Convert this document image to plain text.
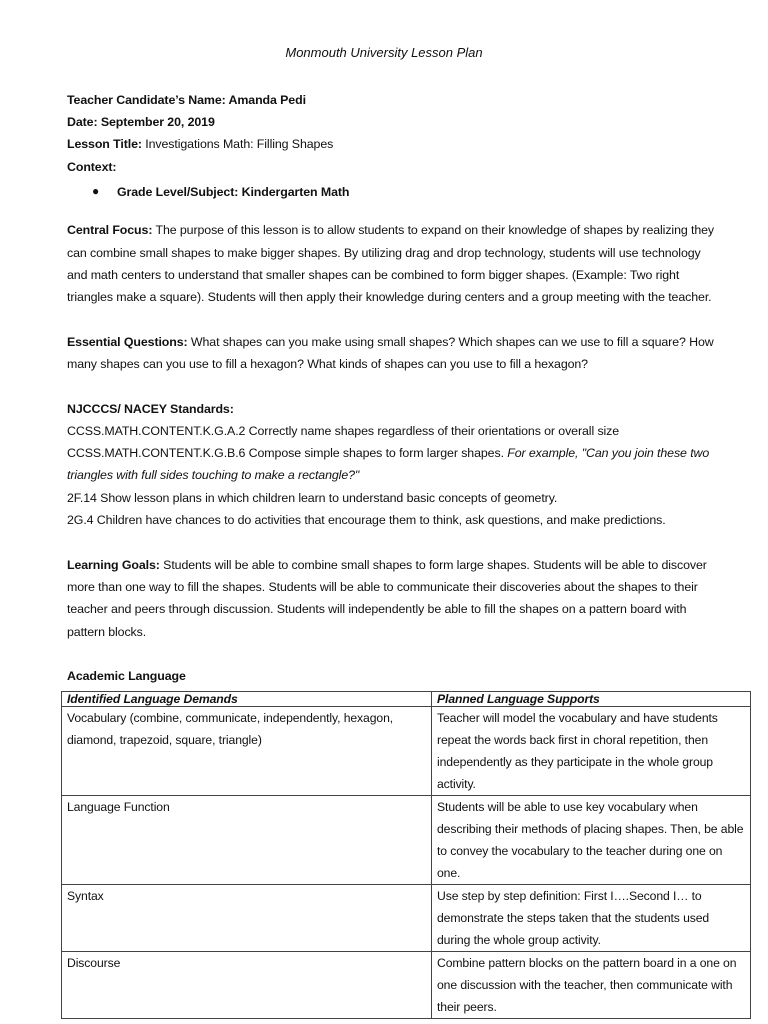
Monmouth University Lesson Plan
Teacher Candidate’s Name: Amanda Pedi
Date: September 20, 2019
Lesson Title: Investigations Math: Filling Shapes
Context:
● Grade Level/Subject: Kindergarten Math
Central Focus: The purpose of this lesson is to allow students to expand on their knowledge of shapes by realizing they
can combine small shapes to make bigger shapes. By utilizing drag and drop technology, students will use technology
and math centers to understand that smaller shapes can be combined to form bigger shapes. (Example: Two right
triangles make a square). Students will then apply their knowledge during centers and a group meeting with the teacher.
Essential Questions: What shapes can you make using small shapes? Which shapes can we use to fill a square? How
many shapes can you use to fill a hexagon? What kinds of shapes can you use to fill a hexagon?
NJCCCS/ NACEY Standards:
CCSS.MATH.CONTENT.K.G.A.2 Correctly name shapes regardless of their orientations or overall size
CCSS.MATH.CONTENT.K.G.B.6 Compose simple shapes to form larger shapes. For example, "Can you join these two
triangles with full sides touching to make a rectangle?"
2F.14 Show lesson plans in which children learn to understand basic concepts of geometry.
2G.4 Children have chances to do activities that encourage them to think, ask questions, and make predictions.
Learning Goals: Students will be able to combine small shapes to form large shapes. Students will be able to discover
more than one way to fill the shapes. Students will be able to communicate their discoveries about the shapes to their
teacher and peers through discussion. Students will independently be able to fill the shapes on a pattern board with
pattern blocks.
Academic Language
Identified Language Demands	Planned Language Supports
Vocabulary (combine, communicate, independently, hexagon, diamond, trapezoid, square, triangle)	Teacher will model the vocabulary and have students repeat the words back first in choral repetition, then independently as they participate in the whole group activity.
Language Function	Students will be able to use key vocabulary when describing their methods of placing shapes. Then, be able to convey the vocabulary to the teacher during one on one.
Syntax	Use step by step definition: First I….Second I… to demonstrate the steps taken that the students used during the whole group activity.
Discourse	Combine pattern blocks on the pattern board in a one on one discussion with the teacher, then communicate with their peers.
